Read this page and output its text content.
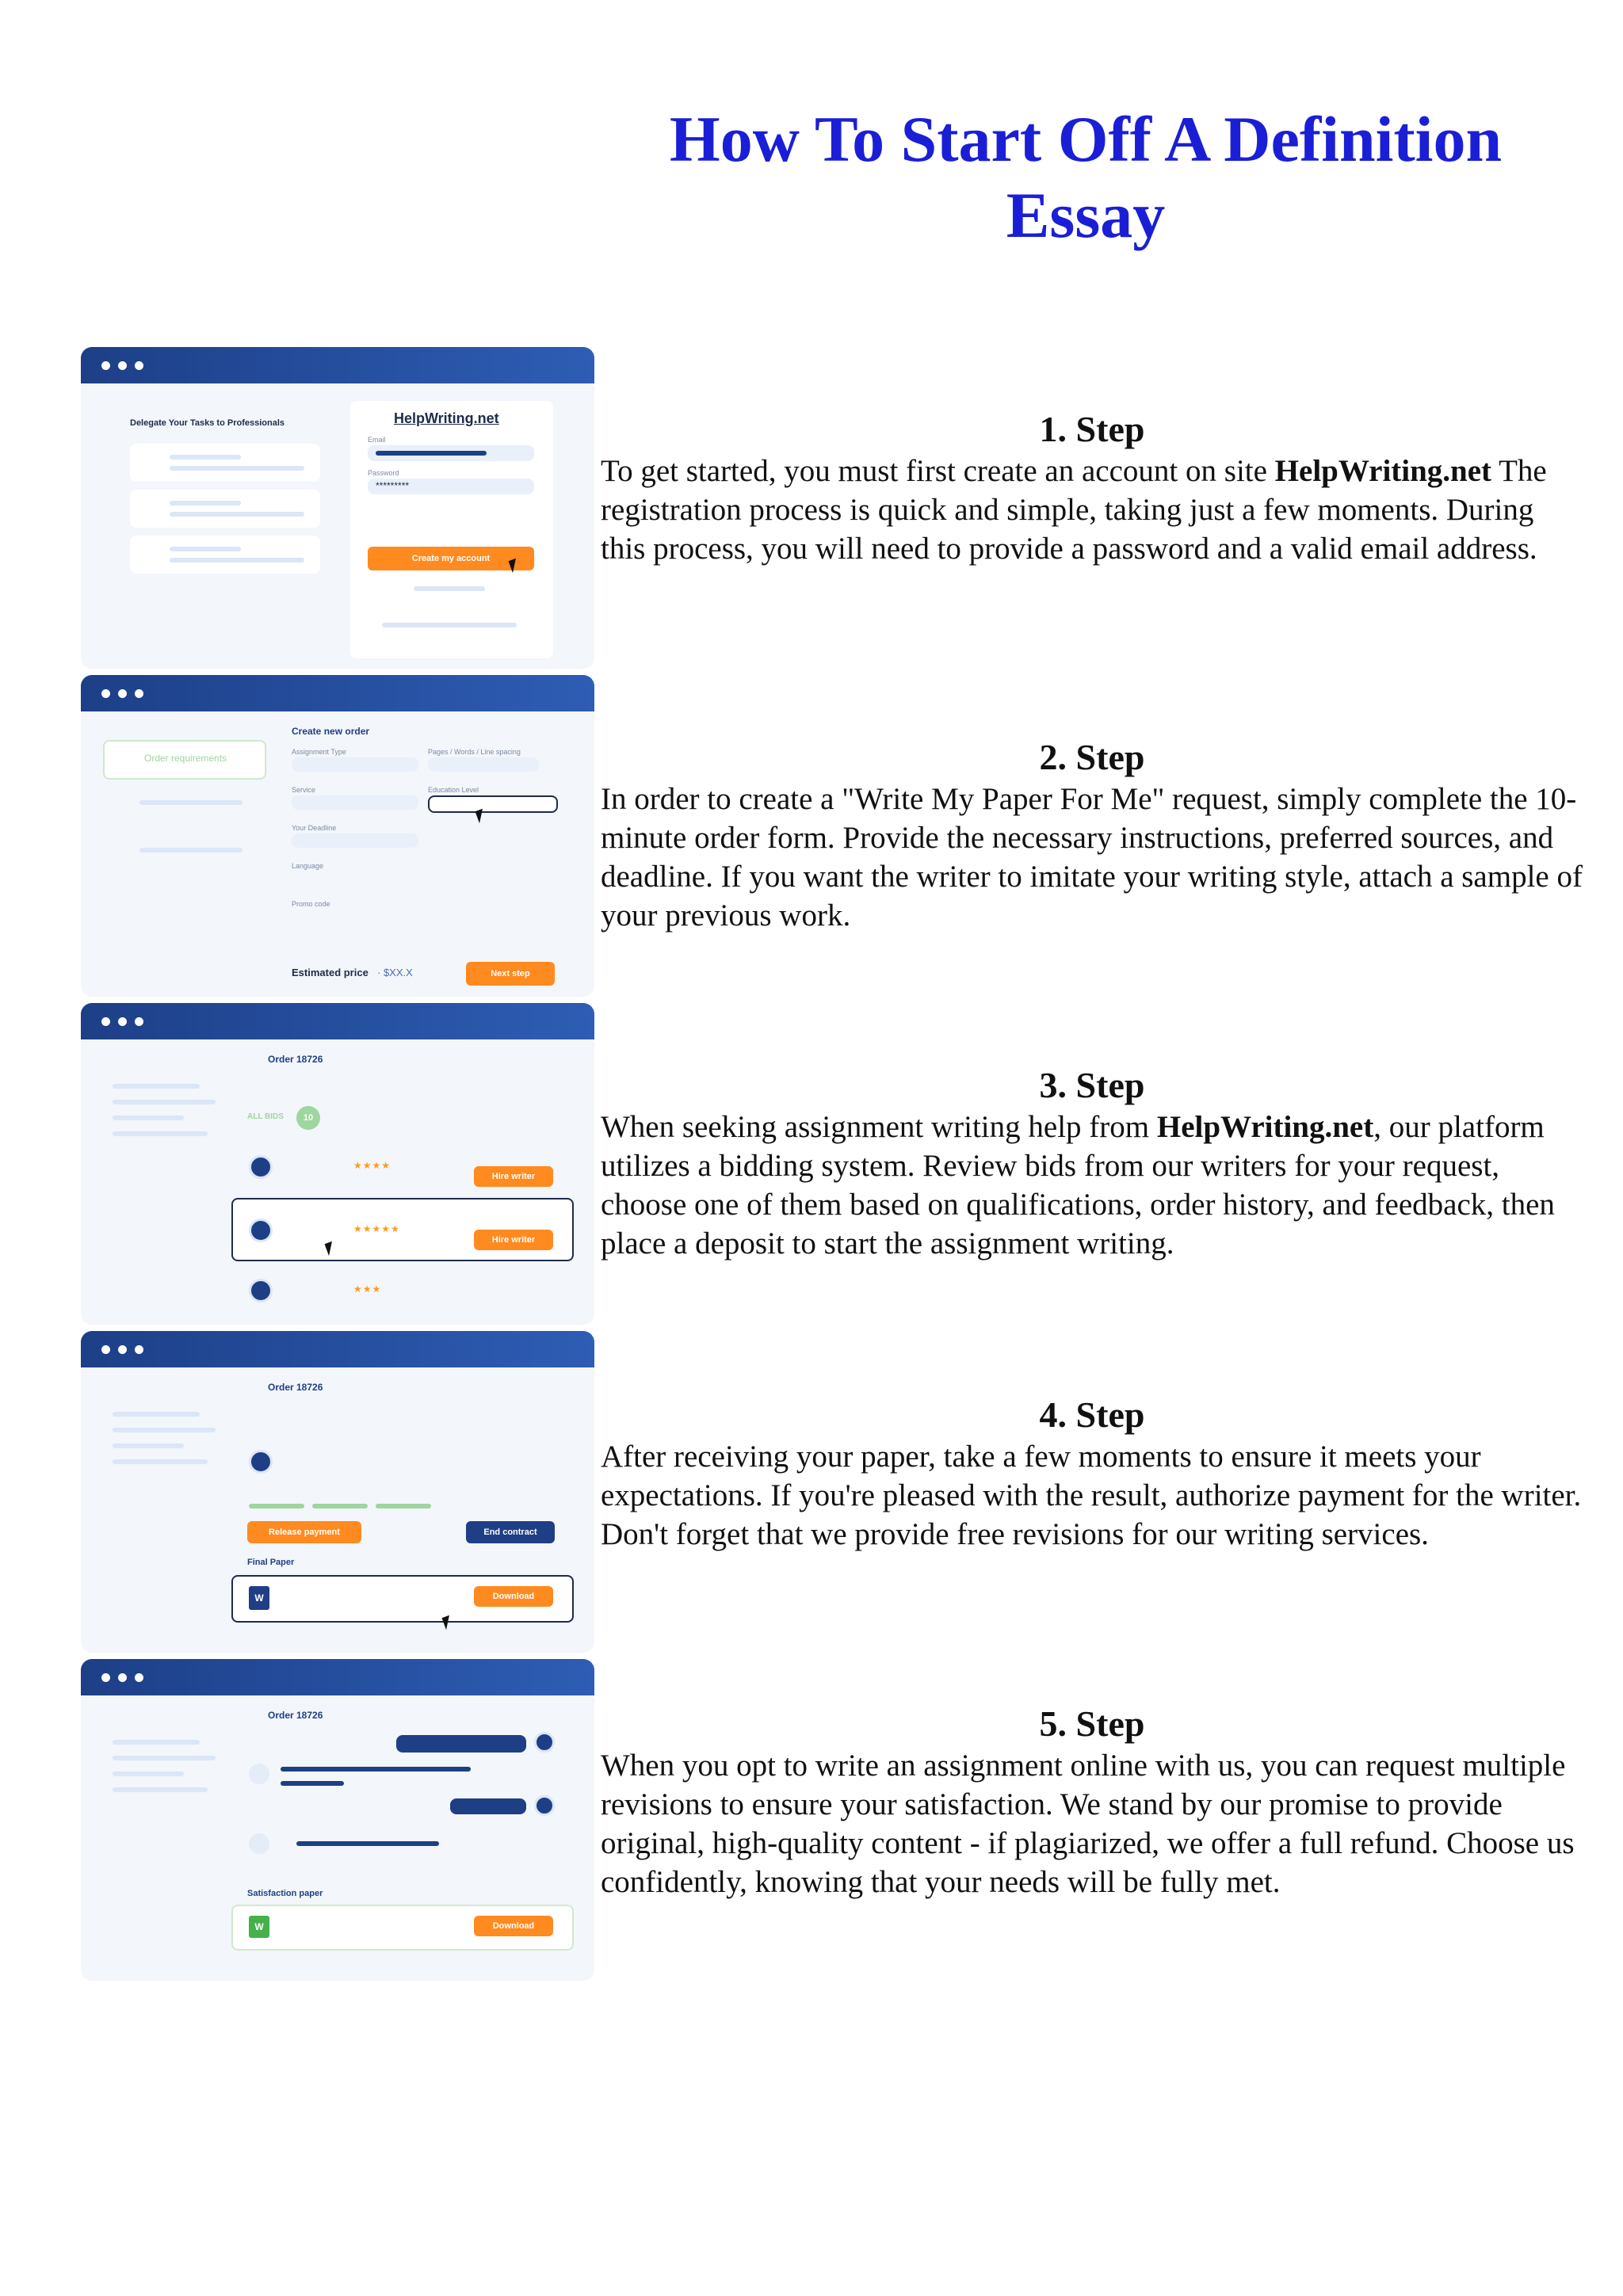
How To Start Off A Definition Essay
Delegate Your Tasks to Professionals	HelpWriting.net
Email
Password
*********
Create my account
Order requirements
Create new order
Assignment Type	Pages / Words / Line spacing
Service	Education Level
Your Deadline
Language
Promo code
Estimated price · $XX.X	Next step
Order 18726
ALL BIDS	10
★★★★
Hire writer
★★★★★
Hire writer
★★★
Order 18726
Release payment	End contract
Final Paper
W	Download
Order 18726
Satisfaction paper
W	Download
1. Step

To get started, you must first create an account on site HelpWriting.net The registration process is quick and simple, taking just a few moments. During this process, you will need to provide a password and a valid email address.

2. Step

In order to create a "Write My Paper For Me" request, simply complete the 10-minute order form. Provide the necessary instructions, preferred sources, and deadline. If you want the writer to imitate your writing style, attach a sample of your previous work.

3. Step

When seeking assignment writing help from HelpWriting.net, our platform utilizes a bidding system. Review bids from our writers for your request, choose one of them based on qualifications, order history, and feedback, then place a deposit to start the assignment writing.

4. Step

After receiving your paper, take a few moments to ensure it meets your expectations. If you're pleased with the result, authorize payment for the writer. Don't forget that we provide free revisions for our writing services.

5. Step

When you opt to write an assignment online with us, you can request multiple revisions to ensure your satisfaction. We stand by our promise to provide original, high-quality content - if plagiarized, we offer a full refund. Choose us confidently, knowing that your needs will be fully met.
